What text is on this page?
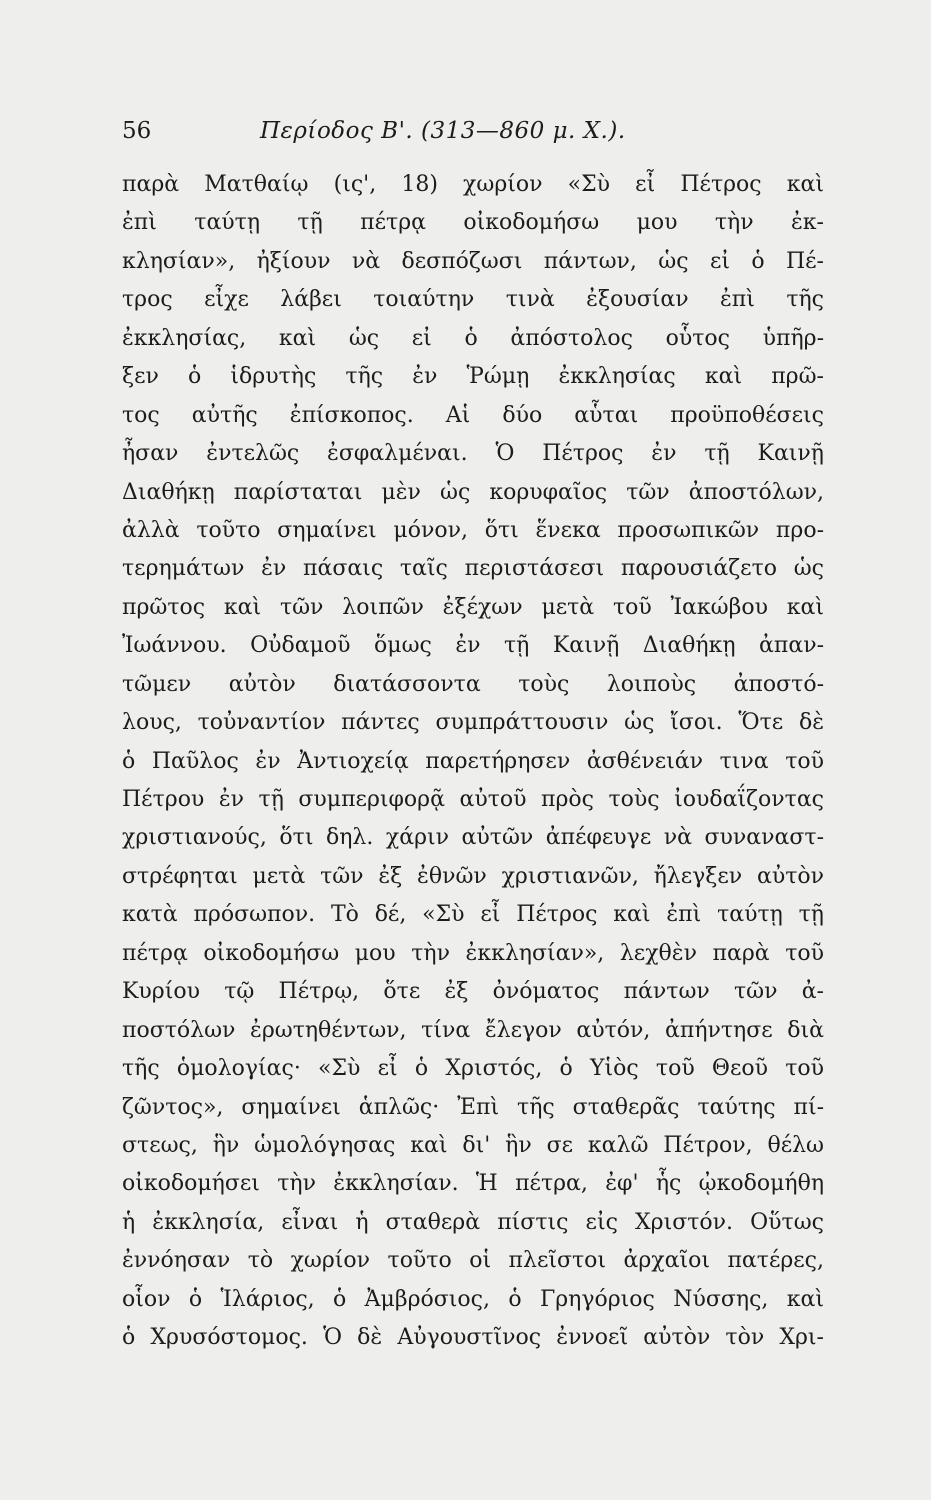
56	Περίοδος Β'. (313—860 μ. Χ.).
παρὰ Ματθαίῳ (ις', 18) χωρίον «Σὺ εἶ Πέτρος καὶ
ἐπὶ ταύτῃ τῇ πέτρᾳ οἰκοδομήσω μου τὴν ἐκ-
κλησίαν», ἠξίουν νὰ δεσπόζωσι πάντων, ὡς εἰ ὁ Πέ-
τρος εἶχε λάβει τοιαύτην τινὰ ἐξουσίαν ἐπὶ τῆς
ἐκκλησίας, καὶ ὡς εἰ ὁ ἀπόστολος οὗτος ὑπῆρ-
ξεν ὁ ἱδρυτὴς τῆς ἐν Ῥώμῃ ἐκκλησίας καὶ πρῶ-
τος αὐτῆς ἐπίσκοπος. Αἱ δύο αὗται προϋποθέσεις
ἦσαν ἐντελῶς ἐσφαλμέναι. Ὁ Πέτρος ἐν τῇ Καινῇ
Διαθήκῃ παρίσταται μὲν ὡς κορυφαῖος τῶν ἀποστόλων,
ἀλλὰ τοῦτο σημαίνει μόνον, ὅτι ἕνεκα προσωπικῶν προ-
τερημάτων ἐν πάσαις ταῖς περιστάσεσι παρουσιάζετο ὡς
πρῶτος καὶ τῶν λοιπῶν ἐξέχων μετὰ τοῦ Ἰακώβου καὶ
Ἰωάννου. Οὐδαμοῦ ὅμως ἐν τῇ Καινῇ Διαθήκῃ ἀπαν-
τῶμεν αὐτὸν διατάσσοντα τοὺς λοιποὺς ἀποστό-
λους, τοὐναντίον πάντες συμπράττουσιν ὡς ἴσοι. Ὅτε δὲ
ὁ Παῦλος ἐν Ἀντιοχείᾳ παρετήρησεν ἀσθένειάν τινα τοῦ
Πέτρου ἐν τῇ συμπεριφορᾷ αὐτοῦ πρὸς τοὺς ἰουδαΐζοντας
χριστιανούς, ὅτι δηλ. χάριν αὐτῶν ἀπέφευγε νὰ συναναστ-
στρέφηται μετὰ τῶν ἐξ ἐθνῶν χριστιανῶν, ἤλεγξεν αὐτὸν
κατὰ πρόσωπον. Τὸ δέ, «Σὺ εἶ Πέτρος καὶ ἐπὶ ταύτῃ τῇ
πέτρᾳ οἰκοδομήσω μου τὴν ἐκκλησίαν», λεχθὲν παρὰ τοῦ
Κυρίου τῷ Πέτρῳ, ὅτε ἐξ ὀνόματος πάντων τῶν ἀ-
ποστόλων ἐρωτηθέντων, τίνα ἔλεγον αὐτόν, ἀπήντησε διὰ
τῆς ὁμολογίας· «Σὺ εἶ ὁ Χριστός, ὁ Υἱὸς τοῦ Θεοῦ τοῦ
ζῶντος», σημαίνει ἁπλῶς· Ἐπὶ τῆς σταθερᾶς ταύτης πί-
στεως, ἣν ὡμολόγησας καὶ δι' ἣν σε καλῶ Πέτρον, θέλω
οἰκοδομήσει τὴν ἐκκλησίαν. Ἡ πέτρα, ἐφ' ἧς ᾠκοδομήθη
ἡ ἐκκλησία, εἶναι ἡ σταθερὰ πίστις εἰς Χριστόν. Οὕτως
ἐννόησαν τὸ χωρίον τοῦτο οἱ πλεῖστοι ἀρχαῖοι πατέρες,
οἷον ὁ Ἱλάριος, ὁ Ἀμβρόσιος, ὁ Γρηγόριος Νύσσης, καὶ
ὁ Χρυσόστομος. Ὁ δὲ Αὐγουστῖνος ἐννοεῖ αὐτὸν τὸν Χρι-
